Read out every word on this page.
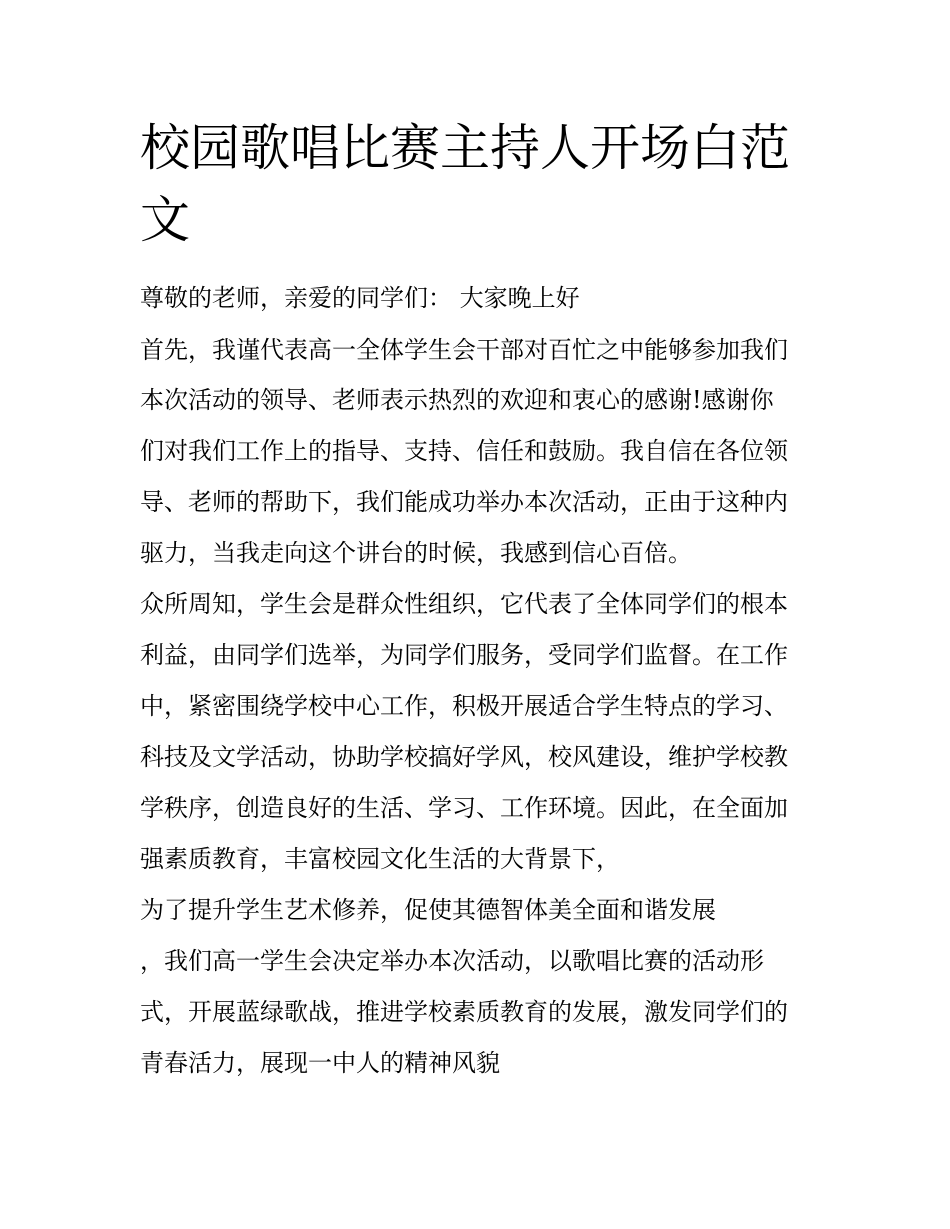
校园歌唱比赛主持人开场白范文

尊敬的老师，亲爱的同学们： 大家晚上好

首先，我谨代表高一全体学生会干部对百忙之中能够参加我们

本次活动的领导、老师表示热烈的欢迎和衷心的感谢!感谢你

们对我们工作上的指导、支持、信任和鼓励。我自信在各位领

导、老师的帮助下，我们能成功举办本次活动，正由于这种内

驱力，当我走向这个讲台的时候，我感到信心百倍。

众所周知，学生会是群众性组织，它代表了全体同学们的根本

利益，由同学们选举，为同学们服务，受同学们监督。在工作

中，紧密围绕学校中心工作，积极开展适合学生特点的学习、

科技及文学活动，协助学校搞好学风，校风建设，维护学校教

学秩序，创造良好的生活、学习、工作环境。因此，在全面加

强素质教育，丰富校园文化生活的大背景下，

为了提升学生艺术修养，促使其德智体美全面和谐发展

，我们高一学生会决定举办本次活动，以歌唱比赛的活动形

式，开展蓝绿歌战，推进学校素质教育的发展，激发同学们的

青春活力，展现一中人的精神风貌
